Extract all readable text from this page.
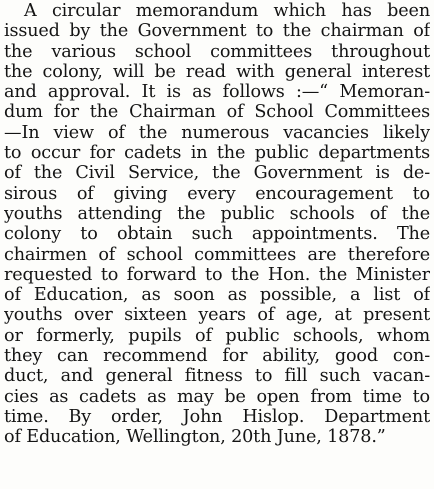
A circular memorandum which has been
issued by the Government to the chairman of
the various school committees throughout
the colony, will be read with general interest
and approval. It is as follows :—“ Memoran-
dum for the Chairman of School Committees
—In view of the numerous vacancies likely
to occur for cadets in the public departments
of the Civil Service, the Government is de-
sirous of giving every encouragement to
youths attending the public schools of the
colony to obtain such appointments. The
chairmen of school committees are therefore
requested to forward to the Hon. the Minister
of Education, as soon as possible, a list of
youths over sixteen years of age, at present
or formerly, pupils of public schools, whom
they can recommend for ability, good con-
duct, and general fitness to fill such vacan-
cies as cadets as may be open from time to
time. By order, John Hislop. Department
of Education, Wellington, 20th June, 1878.”
